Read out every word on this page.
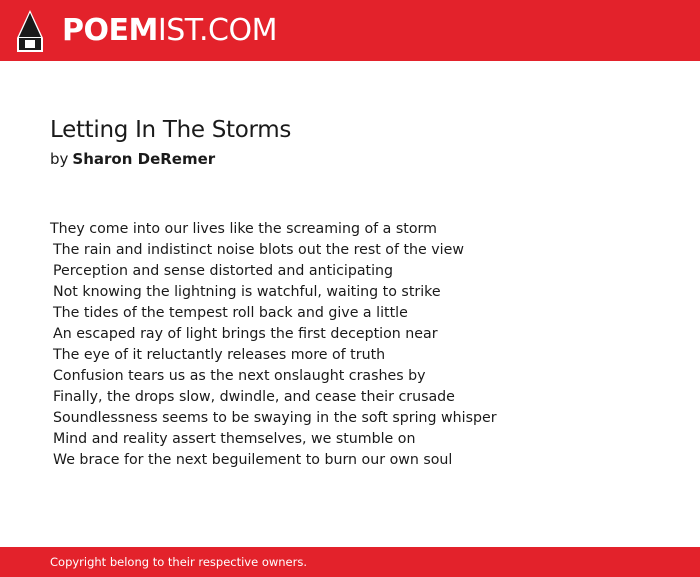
POEMIST.COM
Letting In The Storms
by Sharon DeRemer
They come into our lives like the screaming of a storm
The rain and indistinct noise blots out the rest of the view
Perception and sense distorted and anticipating
Not knowing the lightning is watchful, waiting to strike
The tides of the tempest roll back and give a little
An escaped ray of light brings the first deception near
The eye of it reluctantly releases more of truth
Confusion tears us as the next onslaught crashes by
Finally, the drops slow, dwindle, and cease their crusade
Soundlessness seems to be swaying in the soft spring whisper
Mind and reality assert themselves, we stumble on
We brace for the next beguilement to burn our own soul
Copyright belong to their respective owners.
